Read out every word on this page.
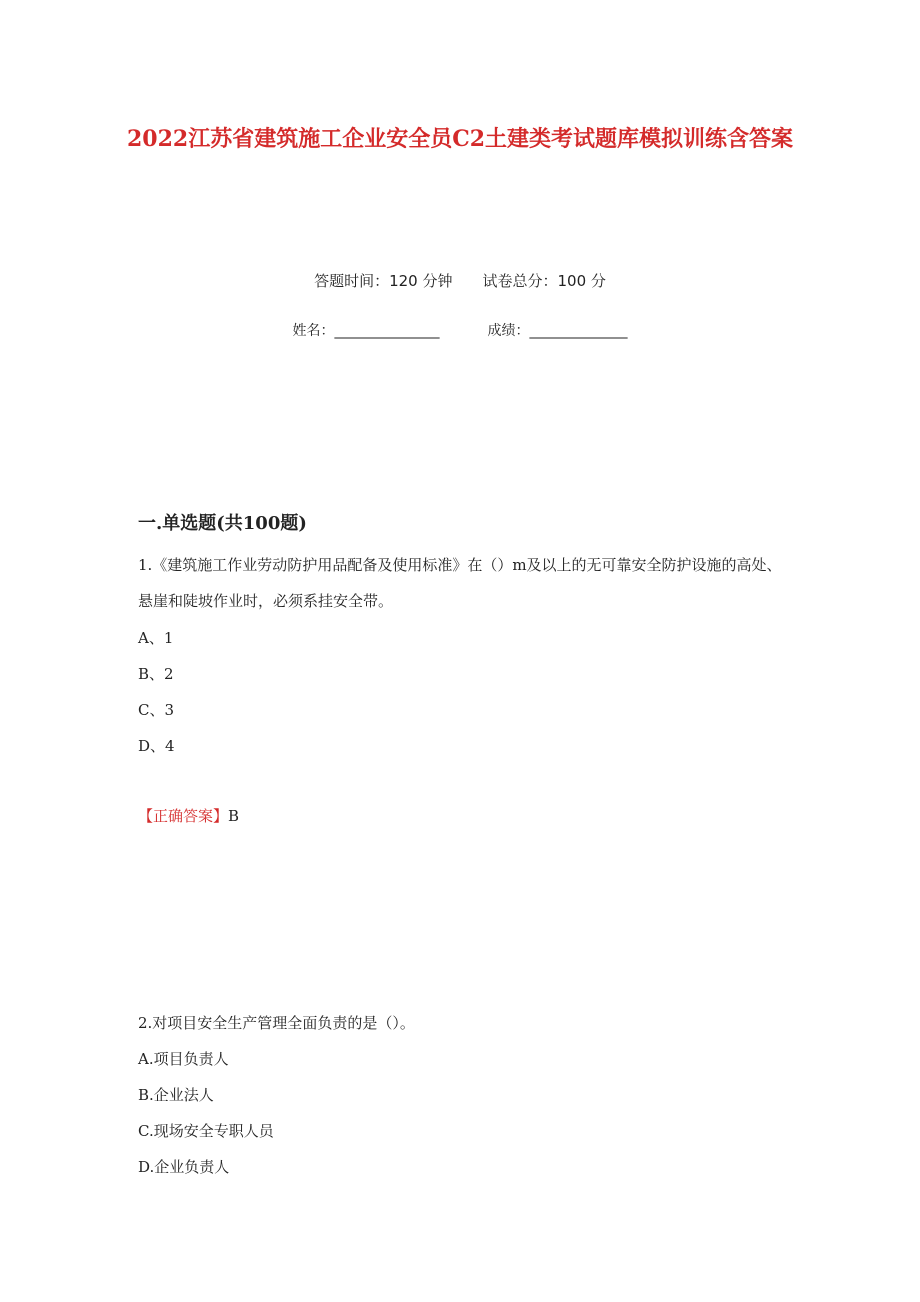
2022江苏省建筑施工企业安全员C2土建类考试题库模拟训练含答案
答题时间：120 分钟 试卷总分：100 分
姓名：_______________	成绩：______________
一.单选题(共100题)
1.《建筑施工作业劳动防护用品配备及使用标准》在（）m及以上的无可靠安全防护设施的高处、悬崖和陡坡作业时，必须系挂安全带。
A、1
B、2
C、3
D、4
【正确答案】B
2.对项目安全生产管理全面负责的是（）。
A.项目负责人
B.企业法人
C.现场安全专职人员
D.企业负责人
